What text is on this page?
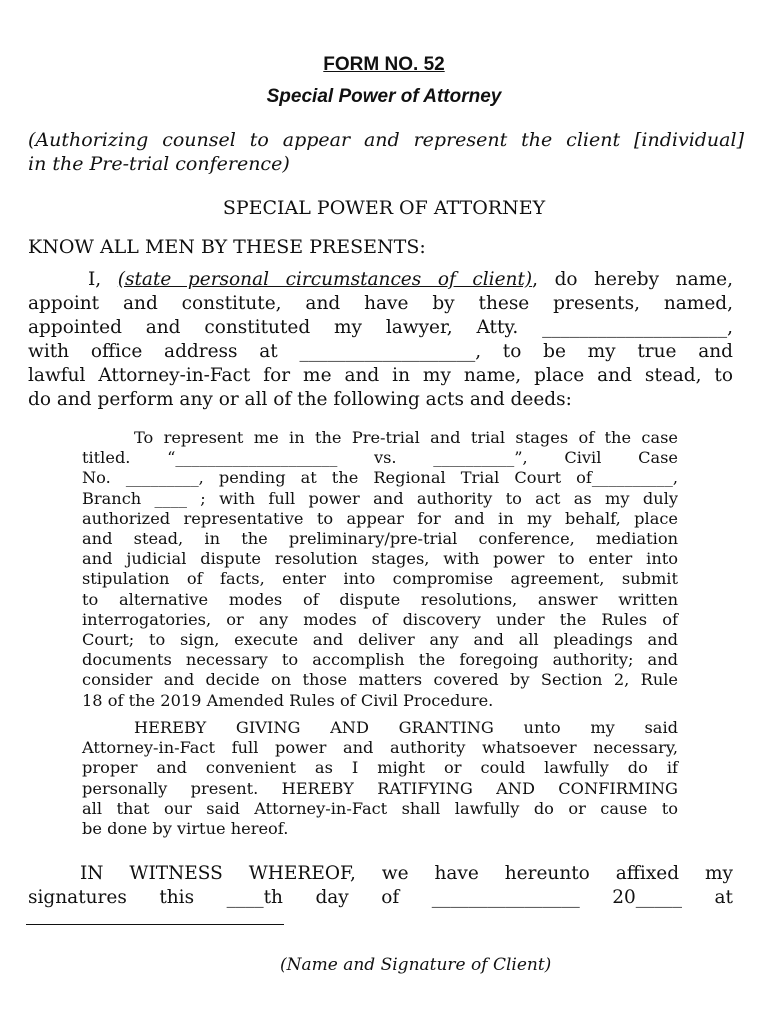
FORM NO. 52
Special Power of Attorney
(Authorizing counsel to appear and represent the client [individual]
in the Pre-trial conference)
SPECIAL POWER OF ATTORNEY
KNOW ALL MEN BY THESE PRESENTS:
I, (state personal circumstances of client), do hereby name,
appoint and constitute, and have by these presents, named,
appointed and constituted my lawyer, Atty. ____________________,
with office address at ___________________, to be my true and
lawful Attorney-in-Fact for me and in my name, place and stead, to
do and perform any or all of the following acts and deeds:
To represent me in the Pre-trial and trial stages of the case
titled. “____________________ vs. __________”, Civil Case
No. _________, pending at the Regional Trial Court of__________,
Branch ____ ; with full power and authority to act as my duly
authorized representative to appear for and in my behalf, place
and stead, in the preliminary/pre-trial conference, mediation
and judicial dispute resolution stages, with power to enter into
stipulation of facts, enter into compromise agreement, submit
to alternative modes of dispute resolutions, answer written
interrogatories, or any modes of discovery under the Rules of
Court; to sign, execute and deliver any and all pleadings and
documents necessary to accomplish the foregoing authority; and
consider and decide on those matters covered by Section 2, Rule
18 of the 2019 Amended Rules of Civil Procedure.
HEREBY GIVING AND GRANTING unto my said
Attorney-in-Fact full power and authority whatsoever necessary,
proper and convenient as I might or could lawfully do if
personally present. HEREBY RATIFYING AND CONFIRMING
all that our said Attorney-in-Fact shall lawfully do or cause to
be done by virtue hereof.
IN WITNESS WHEREOF, we have hereunto affixed my
signatures this ____th day of ________________ 20_____ at
(Name and Signature of Client)
